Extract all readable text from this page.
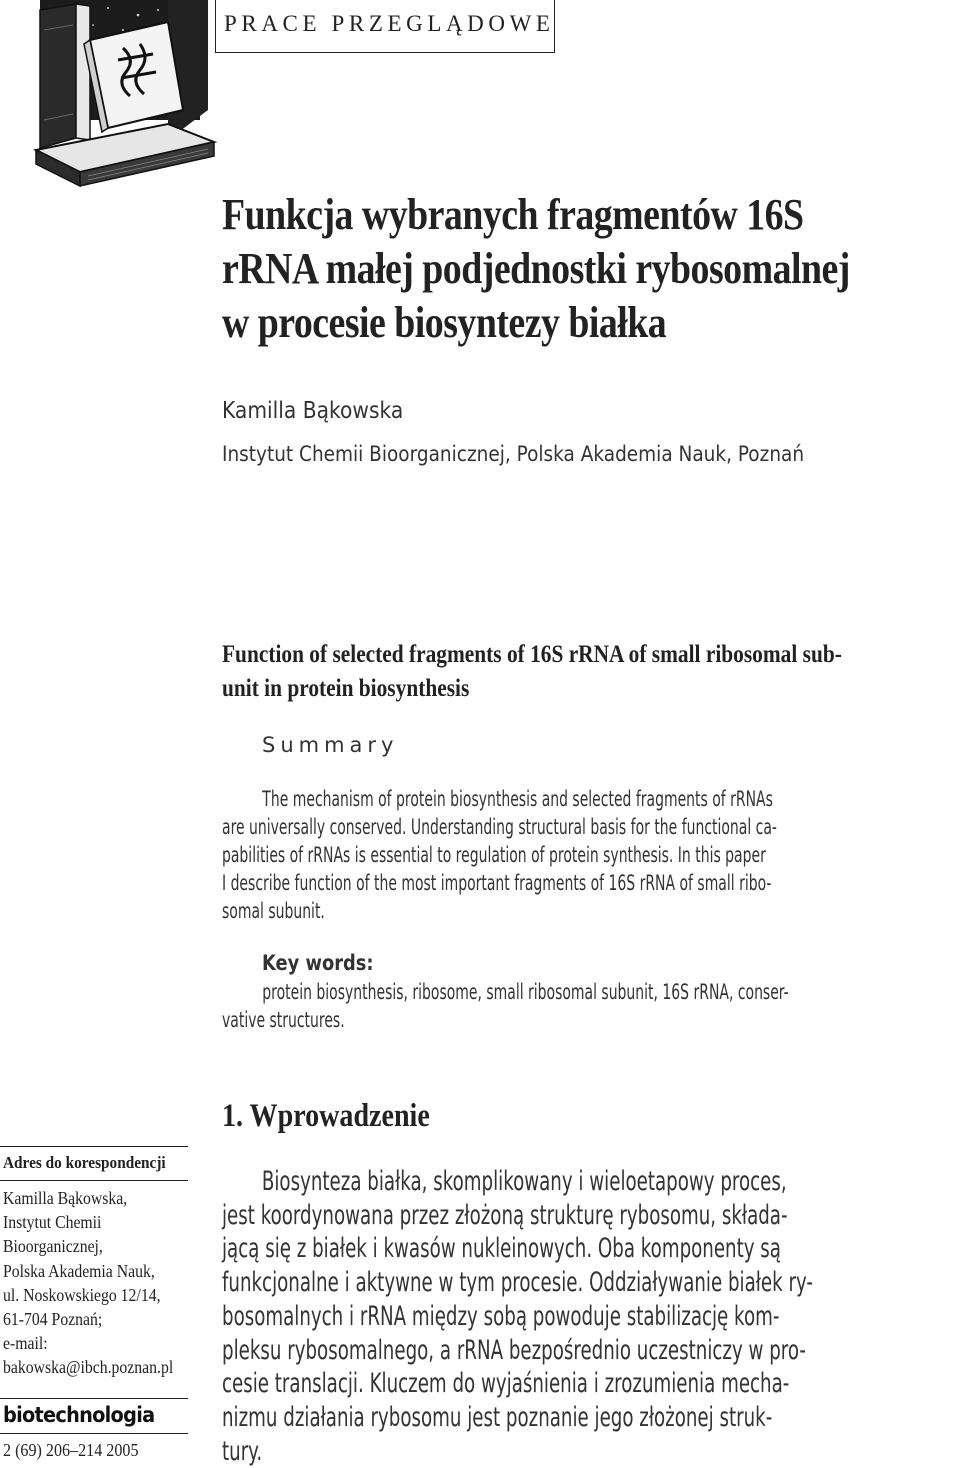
PRACE PRZEGLĄDOWE
Funkcja wybranych fragmentów 16S
rRNA małej podjednostki rybosomalnej
w procesie biosyntezy białka
Kamilla Bąkowska
Instytut Chemii Bioorganicznej, Polska Akademia Nauk, Poznań
Function of selected fragments of 16S rRNA of small ribosomal sub-
unit in protein biosynthesis
Summary
The mechanism of protein biosynthesis and selected fragments of rRNAs
are universally conserved. Understanding structural basis for the functional ca-
pabilities of rRNAs is essential to regulation of protein synthesis. In this paper
I describe function of the most important fragments of 16S rRNA of small ribo-
somal subunit.
Key words:
protein biosynthesis, ribosome, small ribosomal subunit, 16S rRNA, conser-
vative structures.
1. Wprowadzenie
Biosynteza białka, skomplikowany i wieloetapowy proces,
jest koordynowana przez złożoną strukturę rybosomu, składa-
jącą się z białek i kwasów nukleinowych. Oba komponenty są
funkcjonalne i aktywne w tym procesie. Oddziaływanie białek ry-
bosomalnych i rRNA między sobą powoduje stabilizację kom-
pleksu rybosomalnego, a rRNA bezpośrednio uczestniczy w pro-
cesie translacji. Kluczem do wyjaśnienia i zrozumienia mecha-
nizmu działania rybosomu jest poznanie jego złożonej struk-
tury.
Adres do korespondencji
Kamilla Bąkowska,
Instytut Chemii
Bioorganicznej,
Polska Akademia Nauk,
ul. Noskowskiego 12/14,
61-704 Poznań;
e-mail:
bakowska@ibch.poznan.pl
biotechnologia
2 (69) 206–214 2005
